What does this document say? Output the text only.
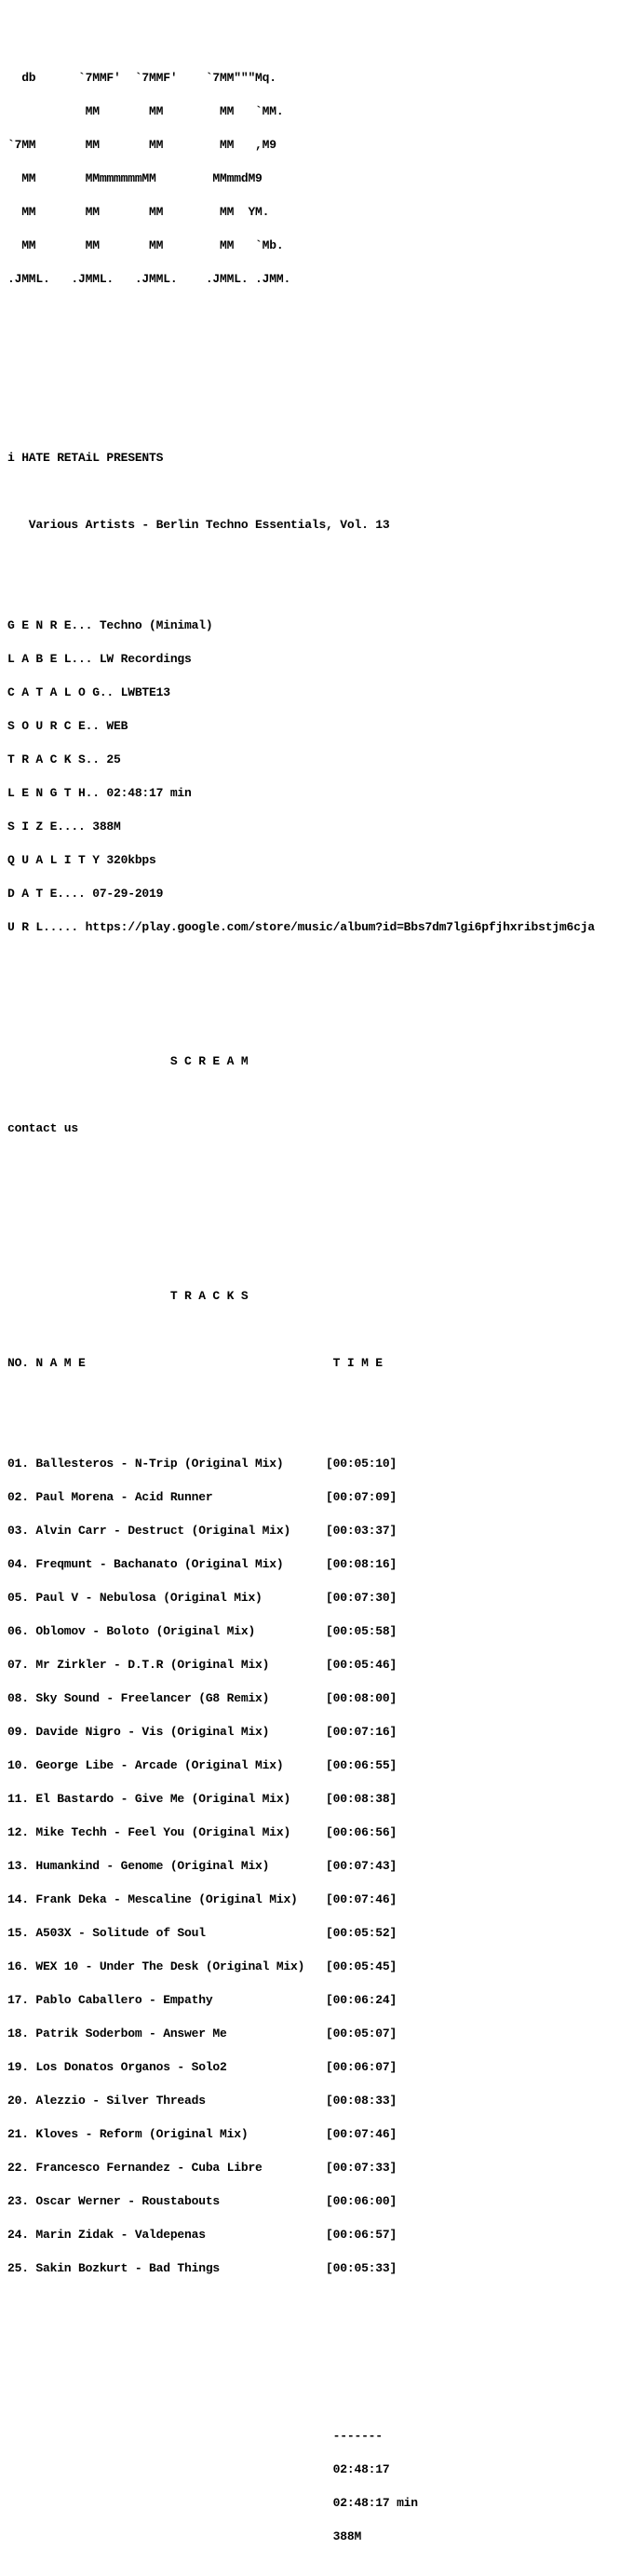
db      `7MMF'  `7MMF'    `7MM"""Mq.

MM       MM        MM   `MM.

`7MM       MM       MM        MM   ,M9

MM       MMmmmmmmMM        MMmmdM9

MM       MM       MM        MM  YM.

MM       MM       MM        MM   `Mb.

.JMML.   .JMML.   .JMML.    .JMML. .JMM.

i HATE RETAiL PRESENTS

Various Artists - Berlin Techno Essentials, Vol. 13

G E N R E... Techno (Minimal)

L A B E L... LW Recordings

C A T A L O G.. LWBTE13

S O U R C E.. WEB

T R A C K S.. 25

L E N G T H.. 02:48:17 min

S I Z E.... 388M

Q U A L I T Y 320kbps

D A T E.... 07-29-2019

U R L..... https://play.google.com/store/music/album?id=Bbs7dm7lgi6pfjhxribstjm6cja

S C R E A M

contact us

T R A C K S

NO. N A M E                                   T I M E

01. Ballesteros - N-Trip (Original Mix)      [00:05:10]

02. Paul Morena - Acid Runner                [00:07:09]

03. Alvin Carr - Destruct (Original Mix)     [00:03:37]

04. Freqmunt - Bachanato (Original Mix)      [00:08:16]

05. Paul V - Nebulosa (Original Mix)         [00:07:30]

06. Oblomov - Boloto (Original Mix)          [00:05:58]

07. Mr Zirkler - D.T.R (Original Mix)        [00:05:46]

08. Sky Sound - Freelancer (G8 Remix)        [00:08:00]

09. Davide Nigro - Vis (Original Mix)        [00:07:16]

10. George Libe - Arcade (Original Mix)      [00:06:55]

11. El Bastardo - Give Me (Original Mix)     [00:08:38]

12. Mike Techh - Feel You (Original Mix)     [00:06:56]

13. Humankind - Genome (Original Mix)        [00:07:43]

14. Frank Deka - Mescaline (Original Mix)    [00:07:46]

15. A503X - Solitude of Soul                 [00:05:52]

16. WEX 10 - Under The Desk (Original Mix)   [00:05:45]

17. Pablo Caballero - Empathy                [00:06:24]

18. Patrik Soderbom - Answer Me              [00:05:07]

19. Los Donatos Organos - Solo2              [00:06:07]

20. Alezzio - Silver Threads                 [00:08:33]

21. Kloves - Reform (Original Mix)           [00:07:46]

22. Francesco Fernandez - Cuba Libre         [00:07:33]

23. Oscar Werner - Roustabouts               [00:06:00]

24. Marin Zidak - Valdepenas                 [00:06:57]

25. Sakin Bozkurt - Bad Things               [00:05:33]

-------

02:48:17

02:48:17 min

388M
